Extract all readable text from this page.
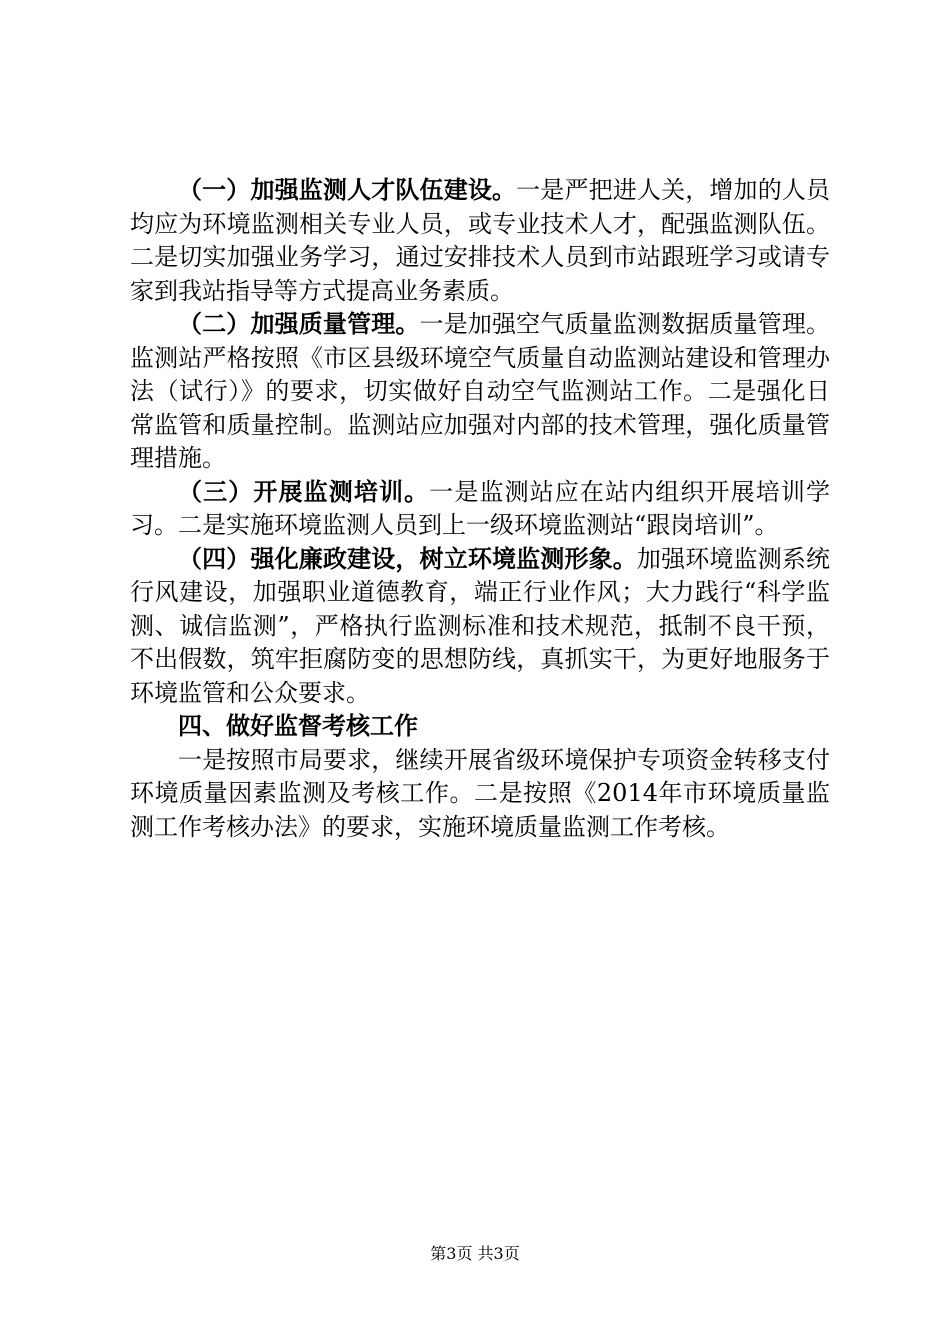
（一）加强监测人才队伍建设。一是严把进人关，增加的人员均应为环境监测相关专业人员，或专业技术人才，配强监测队伍。二是切实加强业务学习，通过安排技术人员到市站跟班学习或请专家到我站指导等方式提高业务素质。

（二）加强质量管理。一是加强空气质量监测数据质量管理。监测站严格按照《市区县级环境空气质量自动监测站建设和管理办法（试行）》的要求，切实做好自动空气监测站工作。二是强化日常监管和质量控制。监测站应加强对内部的技术管理，强化质量管理措施。

（三）开展监测培训。一是监测站应在站内组织开展培训学习。二是实施环境监测人员到上一级环境监测站“跟岗培训”。

（四）强化廉政建设，树立环境监测形象。加强环境监测系统行风建设，加强职业道德教育，端正行业作风；大力践行“科学监测、诚信监测”，严格执行监测标准和技术规范，抵制不良干预，不出假数，筑牢拒腐防变的思想防线，真抓实干，为更好地服务于环境监管和公众要求。

四、做好监督考核工作

一是按照市局要求，继续开展省级环境保护专项资金转移支付环境质量因素监测及考核工作。二是按照《2014年市环境质量监测工作考核办法》的要求，实施环境质量监测工作考核。

第3页 共3页
